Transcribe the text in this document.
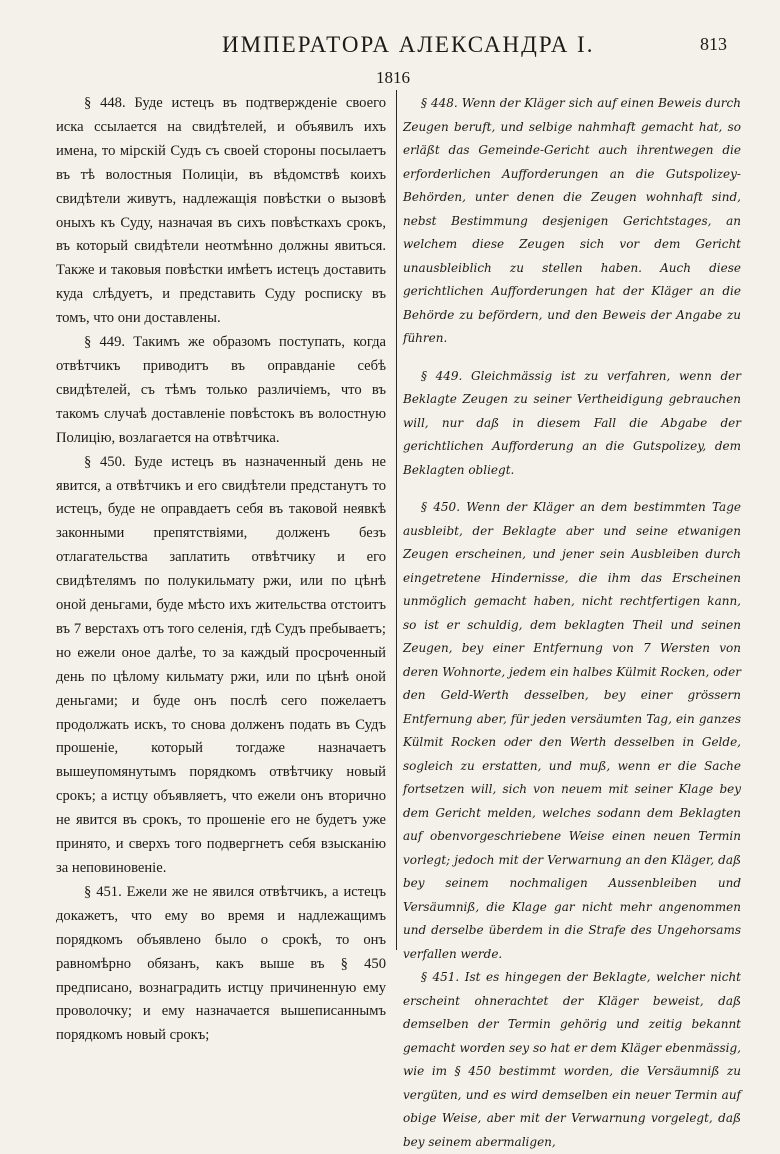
ИМПЕРАТОРА АЛЕКСАНДРА I.	813
1816

§ 448. Буде истецъ въ подтвержденіе своего иска ссылается на свидѣтелей, и объявилъ ихъ имена, то мірскій Судъ съ своей стороны посылаетъ въ тѣ волостныя Полиціи, въ вѣдомствѣ коихъ свидѣтели живутъ, надлежащія повѣстки о вызовѣ оныхъ къ Суду, назначая въ сихъ повѣсткахъ срокъ, въ который свидѣтели неотмѣнно должны явиться. Также и таковыя повѣстки имѣетъ истецъ доставить куда слѣдуетъ, и представить Суду росписку въ томъ, что они доставлены.

§ 449. Такимъ же образомъ поступать, когда отвѣтчикъ приводитъ въ оправданіе себѣ свидѣтелей, съ тѣмъ только различіемъ, что въ такомъ случаѣ доставленіе повѣстокъ въ волостную Полицію, возлагается на отвѣтчика.

§ 450. Буде истецъ въ назначенный день не явится, а отвѣтчикъ и его свидѣтели предстанутъ то истецъ, буде не оправдаетъ себя въ таковой неявкѣ законными препятствіями, долженъ безъ отлагательства заплатить отвѣтчику и его свидѣтелямъ по полукильмату ржи, или по цѣнѣ оной деньгами, буде мѣсто ихъ жительства отстоитъ въ 7 верстахъ отъ того селенія, гдѣ Судъ пребываетъ; но ежели оное далѣе, то за каждый просроченный день по цѣлому кильмату ржи, или по цѣнѣ оной деньгами; и буде онъ послѣ сего пожелаетъ продолжать искъ, то снова долженъ подать въ Судъ прошеніе, который тогдаже назначаетъ вышеупомянутымъ порядкомъ отвѣтчику новый срокъ; а истцу объявляетъ, что ежели онъ вторично не явится въ срокъ, то прошеніе его не будетъ уже принято, и сверхъ того подвергнетъ себя взысканію за неповиновеніе.

§ 451. Ежели же не явился отвѣтчикъ, а истецъ докажетъ, что ему во время и надлежащимъ порядкомъ объявлено было о срокѣ, то онъ равномѣрно обязанъ, какъ выше въ § 450 предписано, вознаградить истцу причиненную ему проволочку; и ему назначается вышеписаннымъ порядкомъ новый срокъ;

§ 448. Wenn der Kläger sich auf einen Beweis durch Zeugen beruft, und selbige nahmhaft gemacht hat, so erläßt das Gemeinde-Gericht auch ihrentwegen die erforderlichen Aufforderungen an die Gutspolizey-Behörden, unter denen die Zeugen wohnhaft sind, nebst Bestimmung desjenigen Gerichtstages, an welchem diese Zeugen sich vor dem Gericht unausbleiblich zu stellen haben. Auch diese gerichtlichen Aufforderungen hat der Kläger an die Behörde zu befördern, und den Beweis der Angabe zu führen.

§ 449. Gleichmässig ist zu verfahren, wenn der Beklagte Zeugen zu seiner Vertheidigung gebrauchen will, nur daß in diesem Fall die Abgabe der gerichtlichen Aufforderung an die Gutspolizey, dem Beklagten obliegt.

§ 450. Wenn der Kläger an dem bestimmten Tage ausbleibt, der Beklagte aber und seine etwanigen Zeugen erscheinen, und jener sein Ausbleiben durch eingetretene Hindernisse, die ihm das Erscheinen unmöglich gemacht haben, nicht rechtfertigen kann, so ist er schuldig, dem beklagten Theil und seinen Zeugen, bey einer Entfernung von 7 Wersten von deren Wohnorte, jedem ein halbes Külmit Rocken, oder den Geld-Werth desselben, bey einer grössern Entfernung aber, für jeden versäumten Tag, ein ganzes Külmit Rocken oder den Werth desselben in Gelde, sogleich zu erstatten, und muß, wenn er die Sache fortsetzen will, sich von neuem mit seiner Klage bey dem Gericht melden, welches sodann dem Beklagten auf obenvorgeschriebene Weise einen neuen Termin vorlegt; jedoch mit der Verwarnung an den Kläger, daß bey seinem nochmaligen Aussenbleiben und Versäumniß, die Klage gar nicht mehr angenommen und derselbe überdem in die Strafe des Ungehorsams verfallen werde.

§ 451. Ist es hingegen der Beklagte, welcher nicht erscheint ohnerachtet der Kläger beweist, daß demselben der Termin gehörig und zeitig bekannt gemacht worden sey so hat er dem Kläger ebenmässig, wie im § 450 bestimmt worden, die Versäumniß zu vergüten, und es wird demselben ein neuer Termin auf obige Weise, aber mit der Verwarnung vorgelegt, daß bey seinem abermaligen,
